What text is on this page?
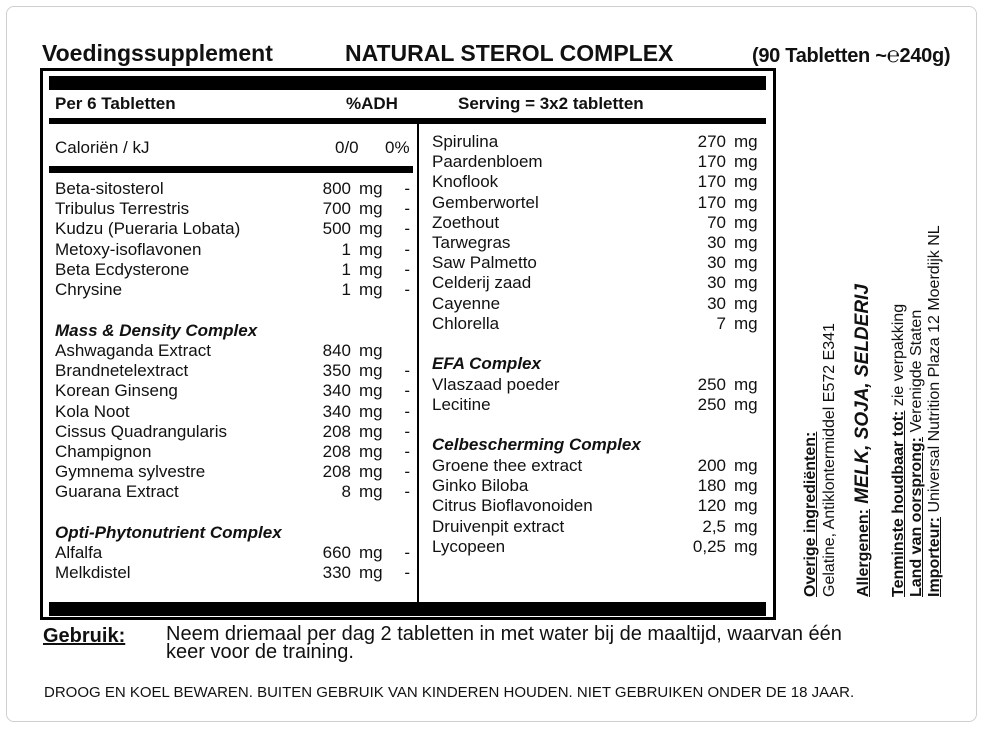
Voedingssupplement	NATURAL STEROL COMPLEX	(90 Tabletten ~℮240g)
Per 6 Tabletten	%ADH	Serving = 3x2 tabletten
Caloriën / kJ	0/0 0%
Beta-sitosterol	800 mg	-
Tribulus Terrestris	700 mg	-
Kudzu (Pueraria Lobata)	500 mg	-
Metoxy-isoflavonen	1 mg	-
Beta Ecdysterone	1 mg	-
Chrysine	1 mg	-
Mass & Density Complex
Ashwaganda Extract	840 mg
Brandnetelextract	350 mg	-
Korean Ginseng	340 mg	-
Kola Noot	340 mg	-
Cissus Quadrangularis	208 mg	-
Champignon	208 mg	-
Gymnema sylvestre	208 mg	-
Guarana Extract	8 mg	-
Opti-Phytonutrient Complex
Alfalfa	660 mg	-
Melkdistel	330 mg	-
Spirulina	270 mg
Paardenbloem	170 mg
Knoflook	170 mg
Gemberwortel	170 mg
Zoethout	70 mg
Tarwegras	30 mg
Saw Palmetto	30 mg
Celderij zaad	30 mg
Cayenne	30 mg
Chlorella	7 mg
EFA Complex
Vlaszaad poeder	250 mg
Lecitine	250 mg
Celbescherming Complex
Groene thee extract	200 mg
Ginko Biloba	180 mg
Citrus Bioflavonoiden	120 mg
Druivenpit extract	2,5 mg
Lycopeen	0,25 mg	Overige ingrediënten: Gelatine, Antiklontermiddel E572 E341 Allergenen: MELK, SOJA, SELDERIJ
Tenminste houdbaar tot: zie verpakking
Land van oorsprong: Verenigde Staten
Importeur: Universal Nutrition Plaza 12 Moerdijk NL
Gebruik: Neem driemaal per dag 2 tabletten in met water bij de maaltijd, waarvan één keer voor de training.
DROOG EN KOEL BEWAREN. BUITEN GEBRUIK VAN KINDEREN HOUDEN. NIET GEBRUIKEN ONDER DE 18 JAAR.
